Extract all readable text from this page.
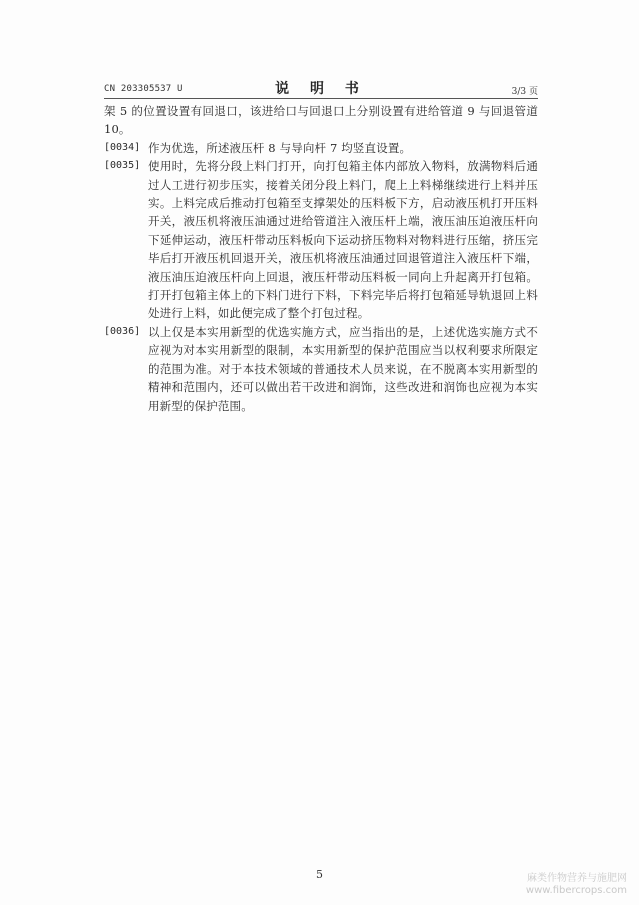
CN 203305537 U	说 明 书	3/3 页

架 5 的位置设置有回退口，该进给口与回退口上分别设置有进给管道 9 与回退管道 10。

[0034] 作为优选，所述液压杆 8 与导向杆 7 均竖直设置。
[0035] 使用时，先将分段上料门打开，向打包箱主体内部放入物料，放满物料后通过人工进行初步压实，接着关闭分段上料门，爬上上料梯继续进行上料并压实。上料完成后推动打包箱至支撑架处的压料板下方，启动液压机打开压料开关，液压机将液压油通过进给管道注入液压杆上端，液压油压迫液压杆向下延伸运动，液压杆带动压料板向下运动挤压物料对物料进行压缩，挤压完毕后打开液压机回退开关，液压机将液压油通过回退管道注入液压杆下端，液压油压迫液压杆向上回退，液压杆带动压料板一同向上升起离开打包箱。打开打包箱主体上的下料门进行下料，下料完毕后将打包箱延导轨退回上料处进行上料，如此便完成了整个打包过程。
[0036] 以上仅是本实用新型的优选实施方式，应当指出的是，上述优选实施方式不应视为对本实用新型的限制，本实用新型的保护范围应当以权利要求所限定的范围为准。对于本技术领域的普通技术人员来说，在不脱离本实用新型的精神和范围内，还可以做出若干改进和润饰，这些改进和润饰也应视为本实用新型的保护范围。
5	麻类作物营养与施肥网
www.fibercrops.com
